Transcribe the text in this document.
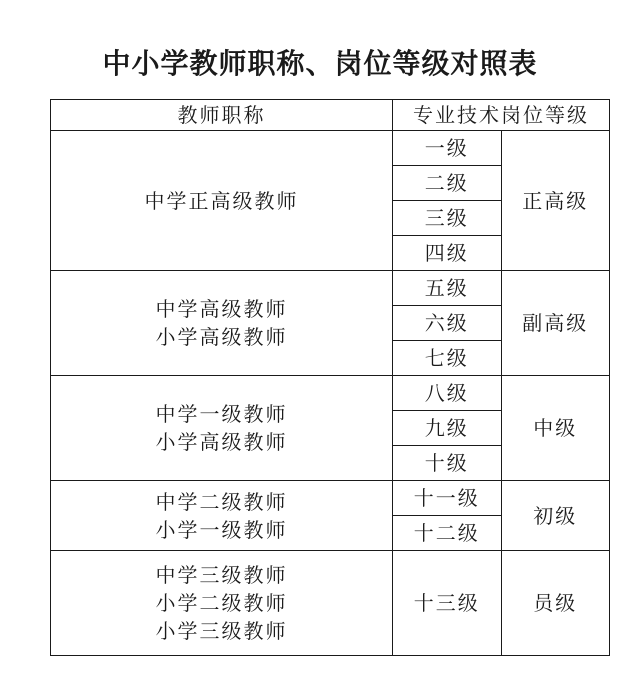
中小学教师职称、岗位等级对照表
教师职称	专业技术岗位等级	

中学正高级教师	一级	正高级
	二级	
	三级	
	四级	

中学高级教师
小学高级教师	五级	副高级
	六级	
	七级	

中学一级教师
小学高级教师	八级	中级
	九级	
	十级	

中学二级教师
小学一级教师	十一级	初级
	十二级	

中学三级教师
小学二级教师
小学三级教师	十三级	员级
